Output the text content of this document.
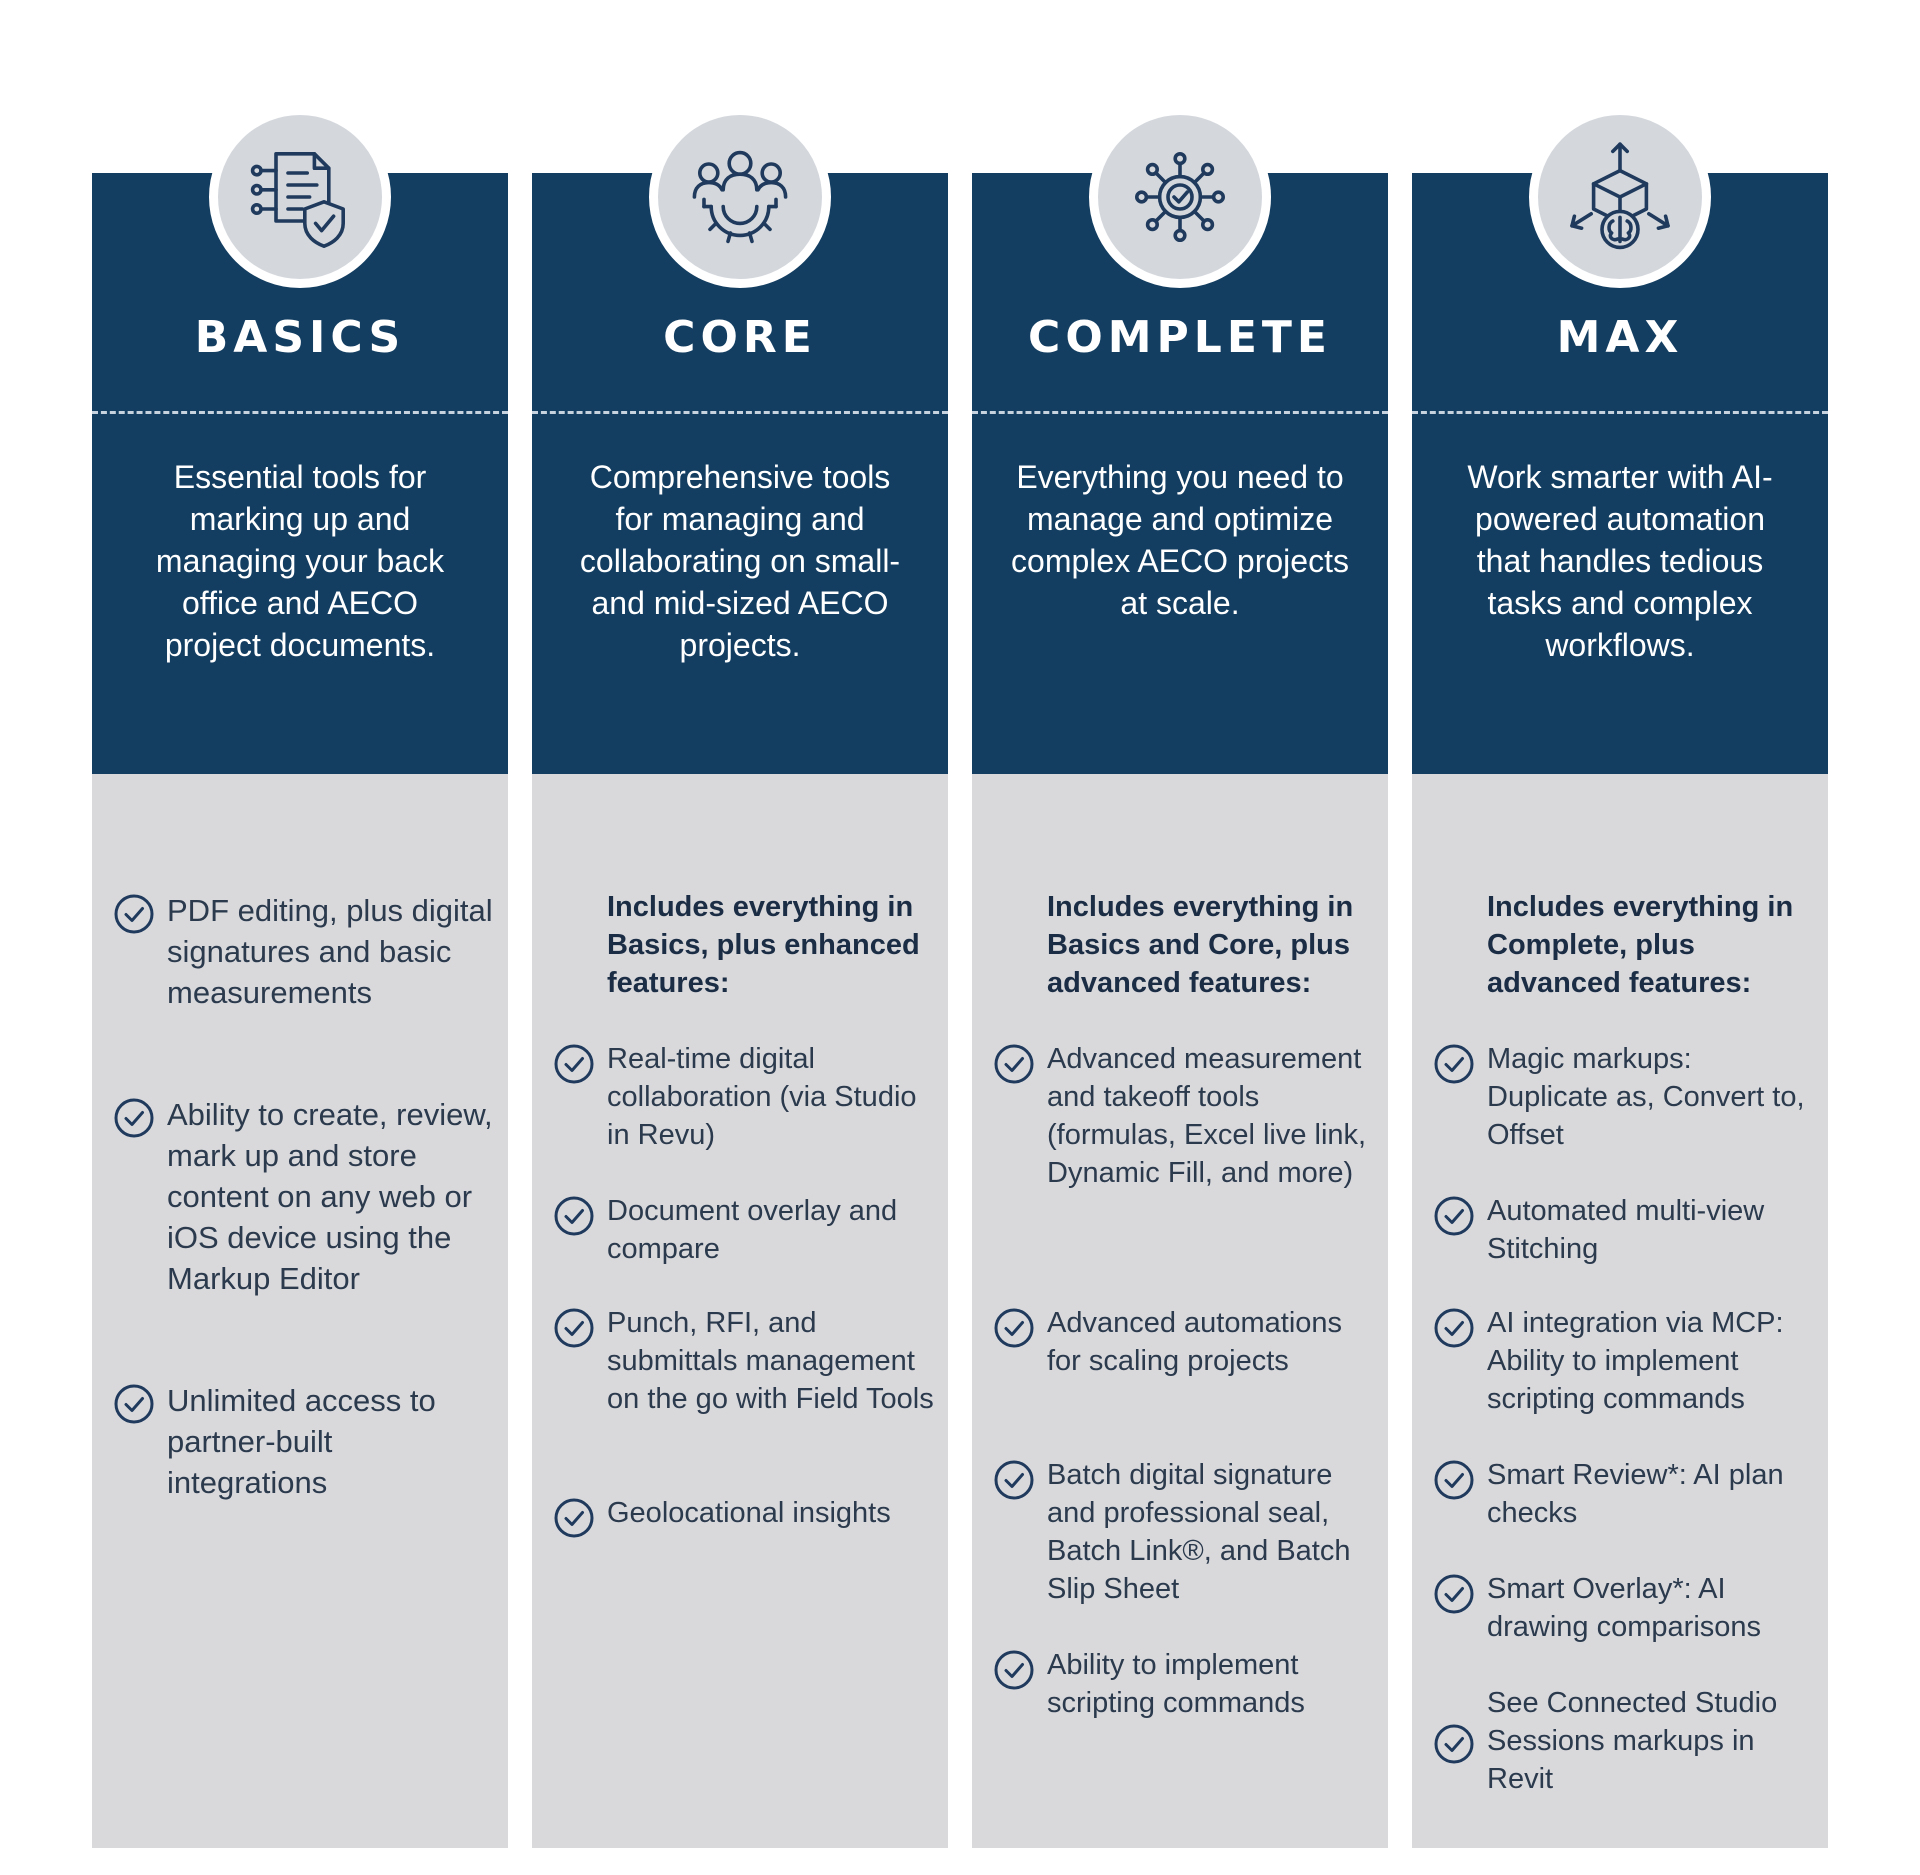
BASICS
Essential tools for marking up and managing your back office and AECO project documents.
PDF editing, plus digital signatures and basic measurements
Ability to create, review, mark up and store content on any web or iOS device using the Markup Editor
Unlimited access to partner-built integrations
CORE
Comprehensive tools for managing and collaborating on small- and mid-sized AECO projects.
Includes everything in Basics, plus enhanced features:
Real-time digital collaboration (via Studio in Revu)
Document overlay and compare
Punch, RFI, and submittals management on the go with Field Tools
Geolocational insights
COMPLETE
Everything you need to manage and optimize complex AECO projects at scale.
Includes everything in Basics and Core, plus advanced features:
Advanced measurement and takeoff tools (formulas, Excel live link, Dynamic Fill, and more)
Advanced automations for scaling projects
Batch digital signature and professional seal, Batch Link®, and Batch Slip Sheet
Ability to implement scripting commands
MAX
Work smarter with AI-powered automation that handles tedious tasks and complex workflows.
Includes everything in Complete, plus advanced features:
Magic markups: Duplicate as, Convert to, Offset
Automated multi-view Stitching
AI integration via MCP: Ability to implement scripting commands
Smart Review*: AI plan checks
Smart Overlay*: AI drawing comparisons
See Connected Studio Sessions markups in Revit
